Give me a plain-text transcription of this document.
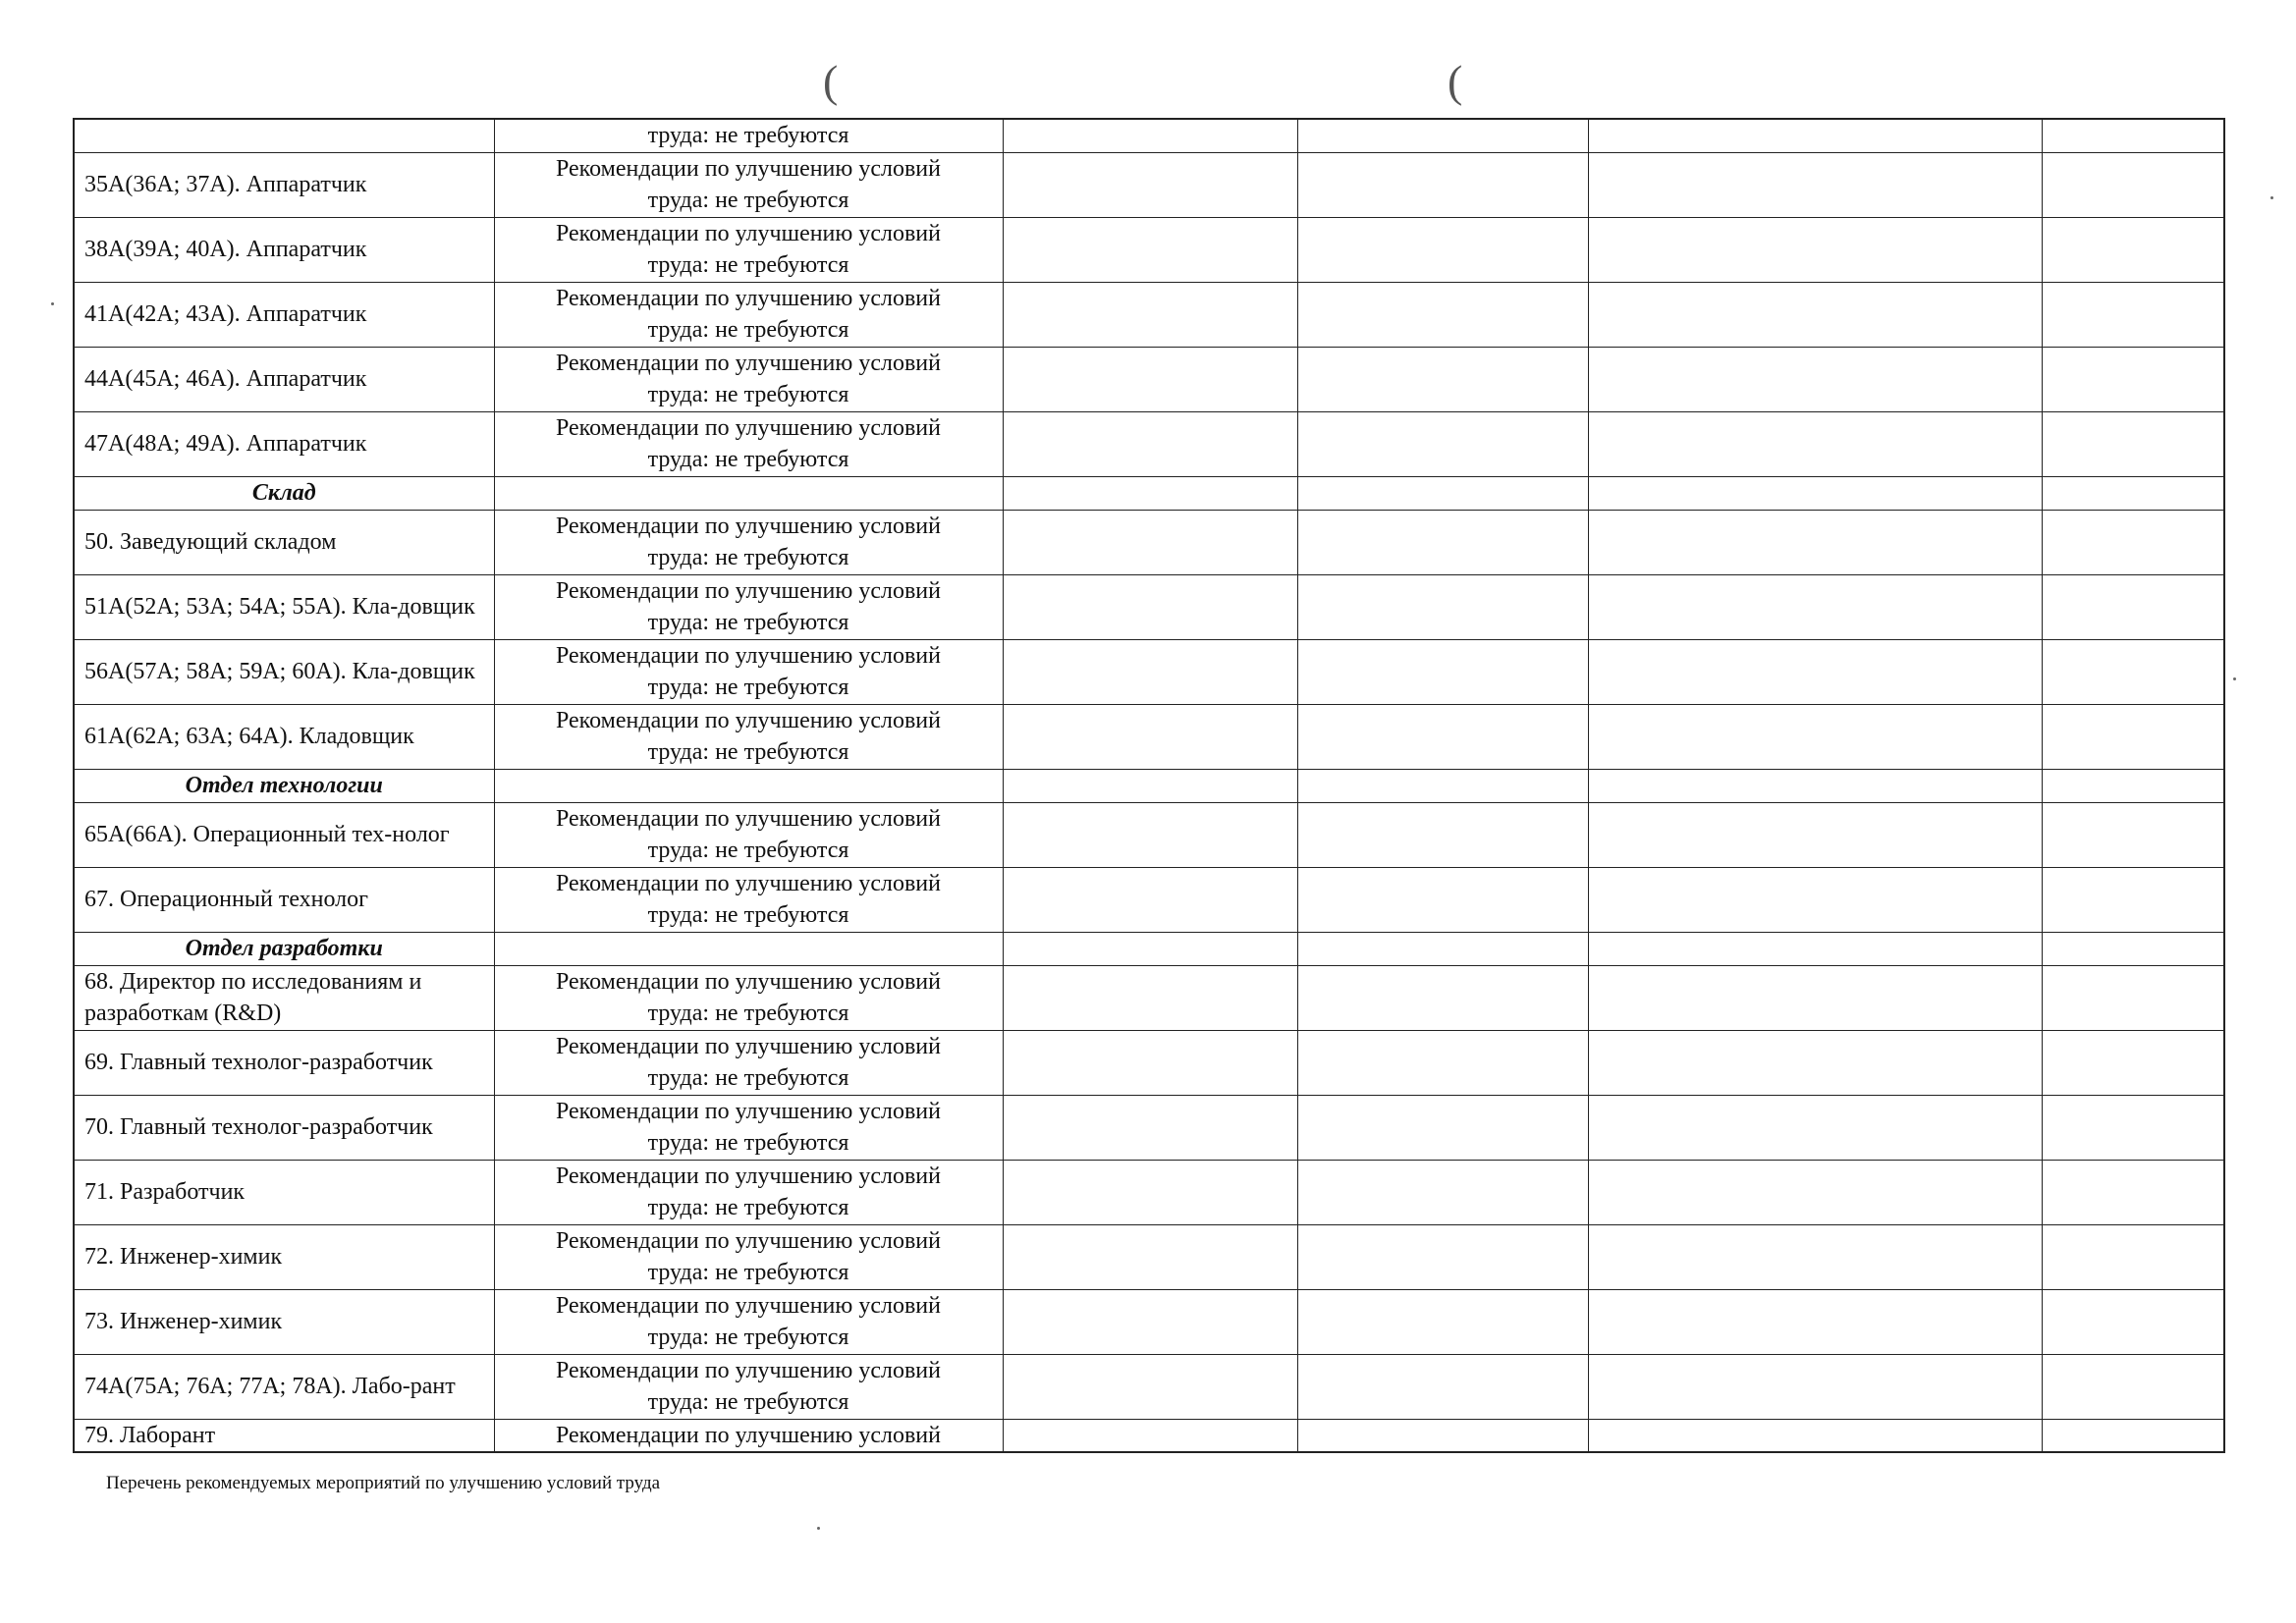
(	(
	труда: не требуются				
35А(36А; 37А). Аппаратчик	Рекомендации по улучшению условий
труда: не требуются				

38А(39А; 40А). Аппаратчик	Рекомендации по улучшению условий
труда: не требуются				

41А(42А; 43А). Аппаратчик	Рекомендации по улучшению условий
труда: не требуются				

44А(45А; 46А). Аппаратчик	Рекомендации по улучшению условий
труда: не требуются				

47А(48А; 49А). Аппаратчик	Рекомендации по улучшению условий
труда: не требуются				

Склад					
50. Заведующий складом	Рекомендации по улучшению условий
труда: не требуются				

51А(52А; 53А; 54А; 55А). Кла-довщик	Рекомендации по улучшению условий
труда: не требуются				

56А(57А; 58А; 59А; 60А). Кла-довщик	Рекомендации по улучшению условий
труда: не требуются				

61А(62А; 63А; 64А). Кладовщик	Рекомендации по улучшению условий
труда: не требуются				

Отдел технологии					
65А(66А). Операционный тех-нолог	Рекомендации по улучшению условий
труда: не требуются				

67. Операционный технолог	Рекомендации по улучшению условий
труда: не требуются				

Отдел разработки					
68. Директор по исследованиям и разработкам (R&D)	Рекомендации по улучшению условий
труда: не требуются				

69. Главный технолог-разработчик	Рекомендации по улучшению условий
труда: не требуются				

70. Главный технолог-разработчик	Рекомендации по улучшению условий
труда: не требуются				

71. Разработчик	Рекомендации по улучшению условий
труда: не требуются				

72. Инженер-химик	Рекомендации по улучшению условий
труда: не требуются				

73. Инженер-химик	Рекомендации по улучшению условий
труда: не требуются				

74А(75А; 76А; 77А; 78А). Лабо-рант	Рекомендации по улучшению условий
труда: не требуются				

79. Лаборант	Рекомендации по улучшению условий				
Перечень рекомендуемых мероприятий по улучшению условий труда
